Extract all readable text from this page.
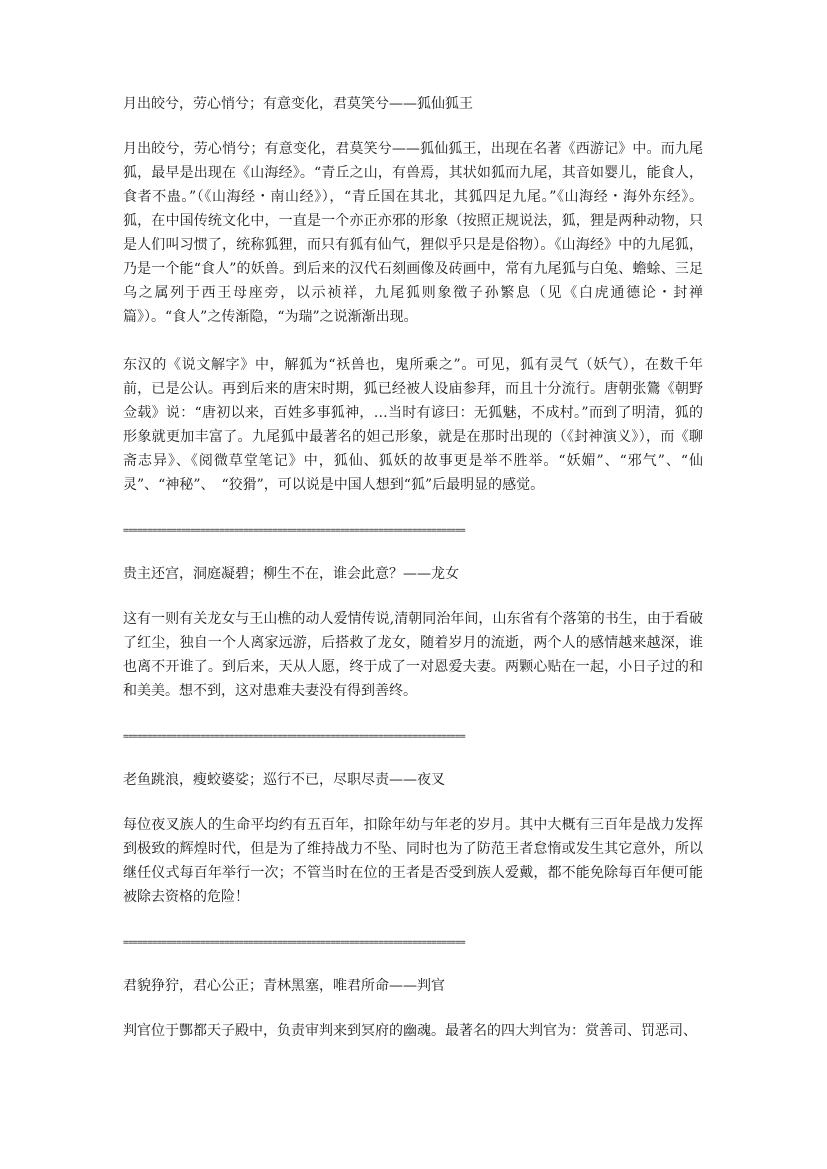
月出皎兮，劳心悄兮；有意变化，君莫笑兮——狐仙狐王

月出皎兮，劳心悄兮；有意变化，君莫笑兮——狐仙狐王，出现在名著《西游记》中。而九尾狐，最早是出现在《山海经》。“青丘之山，有兽焉，其状如狐而九尾，其音如婴儿，能食人，食者不蛊。”（《山海经・南山经》），“青丘国在其北，其狐四足九尾。”《山海经・海外东经》。狐，在中国传统文化中，一直是一个亦正亦邪的形象（按照正规说法，狐，狸是两种动物，只是人们叫习惯了，统称狐狸，而只有狐有仙气，狸似乎只是是俗物）。《山海经》中的九尾狐，乃是一个能“食人”的妖兽。到后来的汉代石刻画像及砖画中，常有九尾狐与白兔、蟾蜍、三足乌之属列于西王母座旁，以示祯祥，九尾狐则象徵子孙繁息（见《白虎通德论・封禅篇》）。“食人”之传渐隐，“为瑞”之说渐渐出现。

东汉的《说文解字》中，解狐为“袄兽也，鬼所乘之”。可见，狐有灵气（妖气），在数千年前，已是公认。再到后来的唐宋时期，狐已经被人设庙参拜，而且十分流行。唐朝张鷟《朝野佥载》说：“唐初以来，百姓多事狐神，…当时有谚曰：无狐魅，不成村。”而到了明清，狐的形象就更加丰富了。九尾狐中最著名的妲己形象，就是在那时出现的（《封神演义》），而《聊斋志异》、《阅微草堂笔记》中，狐仙、狐妖的故事更是举不胜举。“妖媚”、“邪气”、“仙灵”、“神秘”、　“狡猾”，可以说是中国人想到“狐”后最明显的感觉。

=======================================================================

贵主还宫，洞庭凝碧；柳生不在，谁会此意？——龙女

这有一则有关龙女与王山樵的动人爱情传说,清朝同治年间，山东省有个落第的书生，由于看破了红尘，独自一个人离家远游，后搭救了龙女，随着岁月的流逝，两个人的感情越来越深，谁也离不开谁了。到后来，天从人愿，终于成了一对恩爱夫妻。两颗心贴在一起，小日子过的和和美美。想不到，这对患难夫妻没有得到善终。

=======================================================================

老鱼跳浪，瘦蛟婆娑；巡行不已，尽职尽责——夜叉

每位夜叉族人的生命平均约有五百年，扣除年幼与年老的岁月。其中大概有三百年是战力发挥到极致的辉煌时代，但是为了维持战力不坠、同时也为了防范王者怠惰或发生其它意外，所以继任仪式每百年举行一次；不管当时在位的王者是否受到族人爱戴，都不能免除每百年便可能被除去资格的危险！

=======================================================================

君貌狰狞，君心公正；青林黑塞，唯君所命——判官

判官位于酆都天子殿中，负责审判来到冥府的幽魂。最著名的四大判官为：赏善司、罚恶司、
